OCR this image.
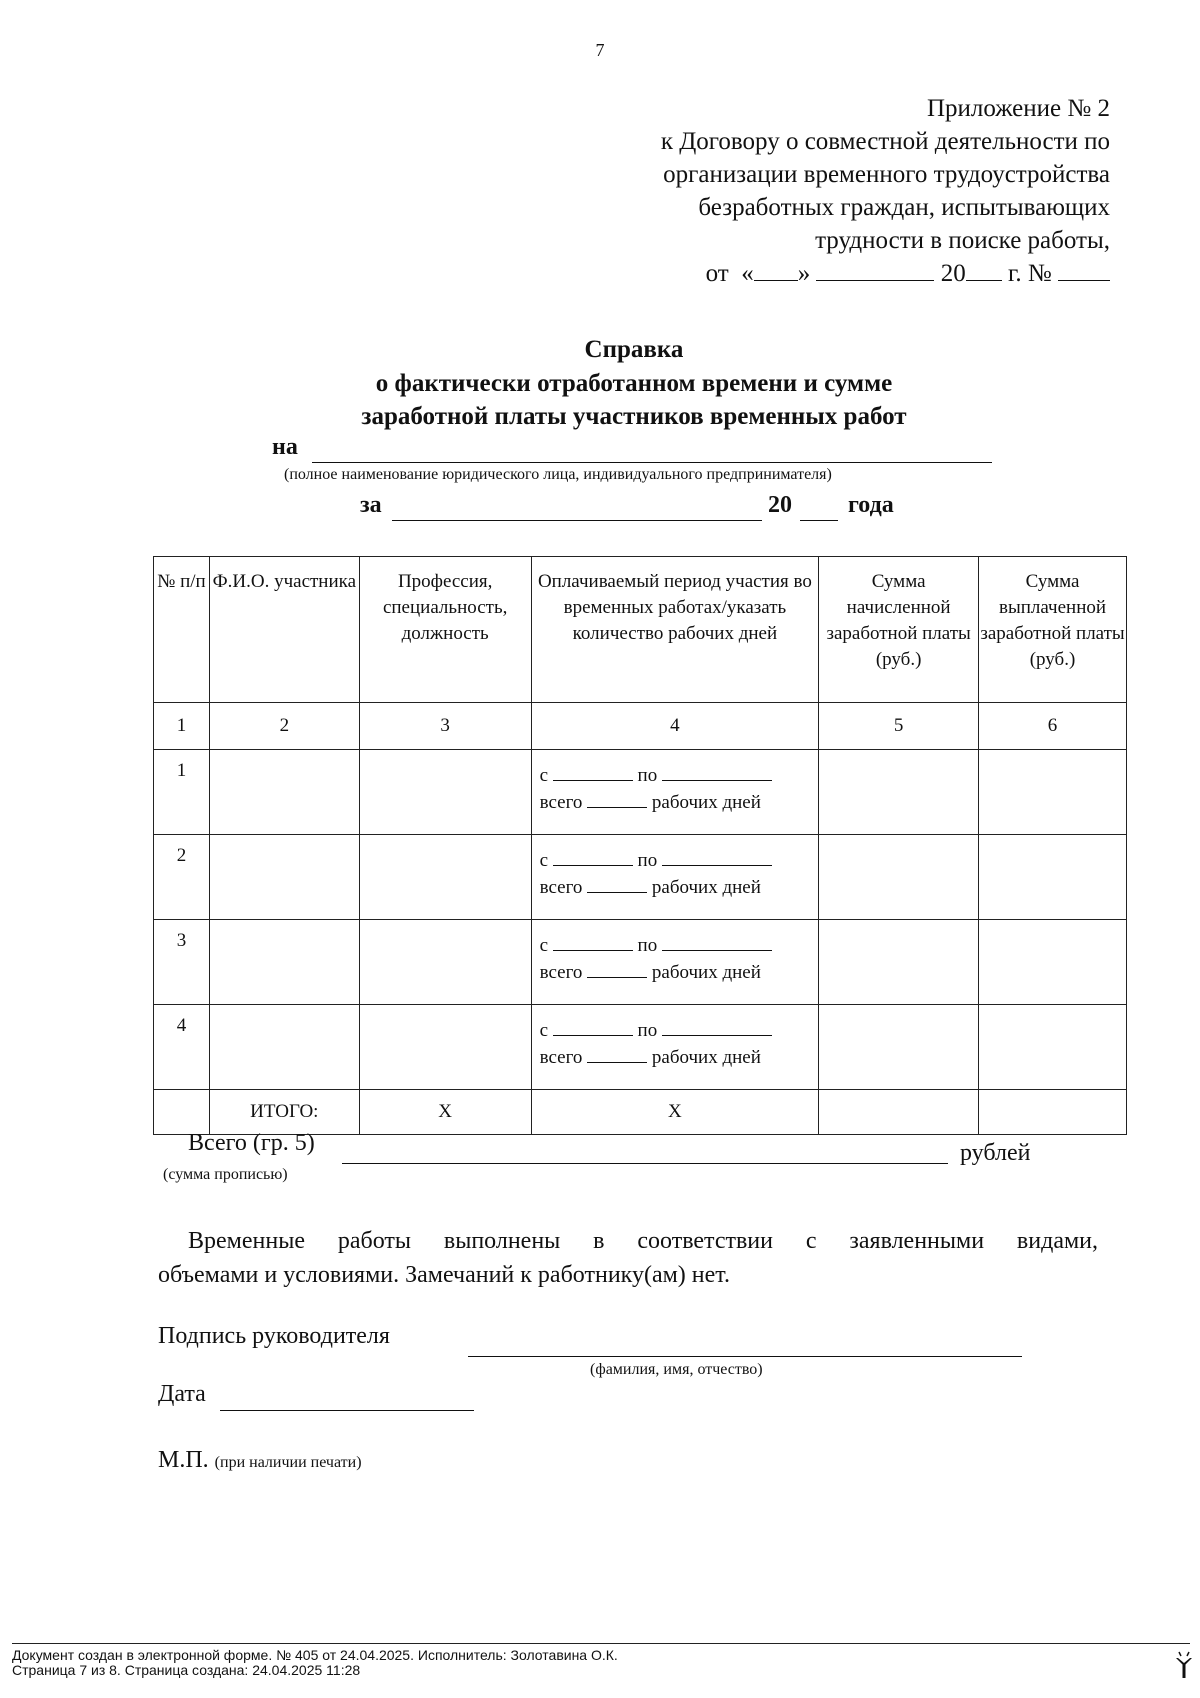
7
Приложение № 2
к Договору о совместной деятельности по
организации временного трудоустройства
безработных граждан, испытывающих
трудности в поиске работы,
от « »	20 г. №
Справка
о фактически отработанном времени и сумме
заработной платы участников временных работ
на
(полное наименование юридического лица, индивидуального предпринимателя)
за	20 года
№ п/п	Ф.И.О. участника	Профессия, специальность, должность	Оплачиваемый период участия во временных работах/указать количество рабочих дней	Сумма начисленной заработной платы (руб.)	Сумма выплаченной заработной платы (руб.)
1	2	3	4	5	6
1			с по
всего рабочих дней		

2			с по
всего рабочих дней		

3			с по
всего рабочих дней		

4			с по
всего рабочих дней		

	ИТОГО:	Х	Х		
Всего (гр. 5)	рублей
(сумма прописью)
Временные работы выполнены в соответствии с заявленными видами,
объемами и условиями. Замечаний к работнику(ам) нет.
Подпись руководителя
(фамилия, имя, отчество)
Дата
М.П. (при наличии печати)
Документ создан в электронной форме. № 405 от 24.04.2025. Исполнитель: Золотавина О.К.
Страница 7 из 8. Страница создана: 24.04.2025 11:28
